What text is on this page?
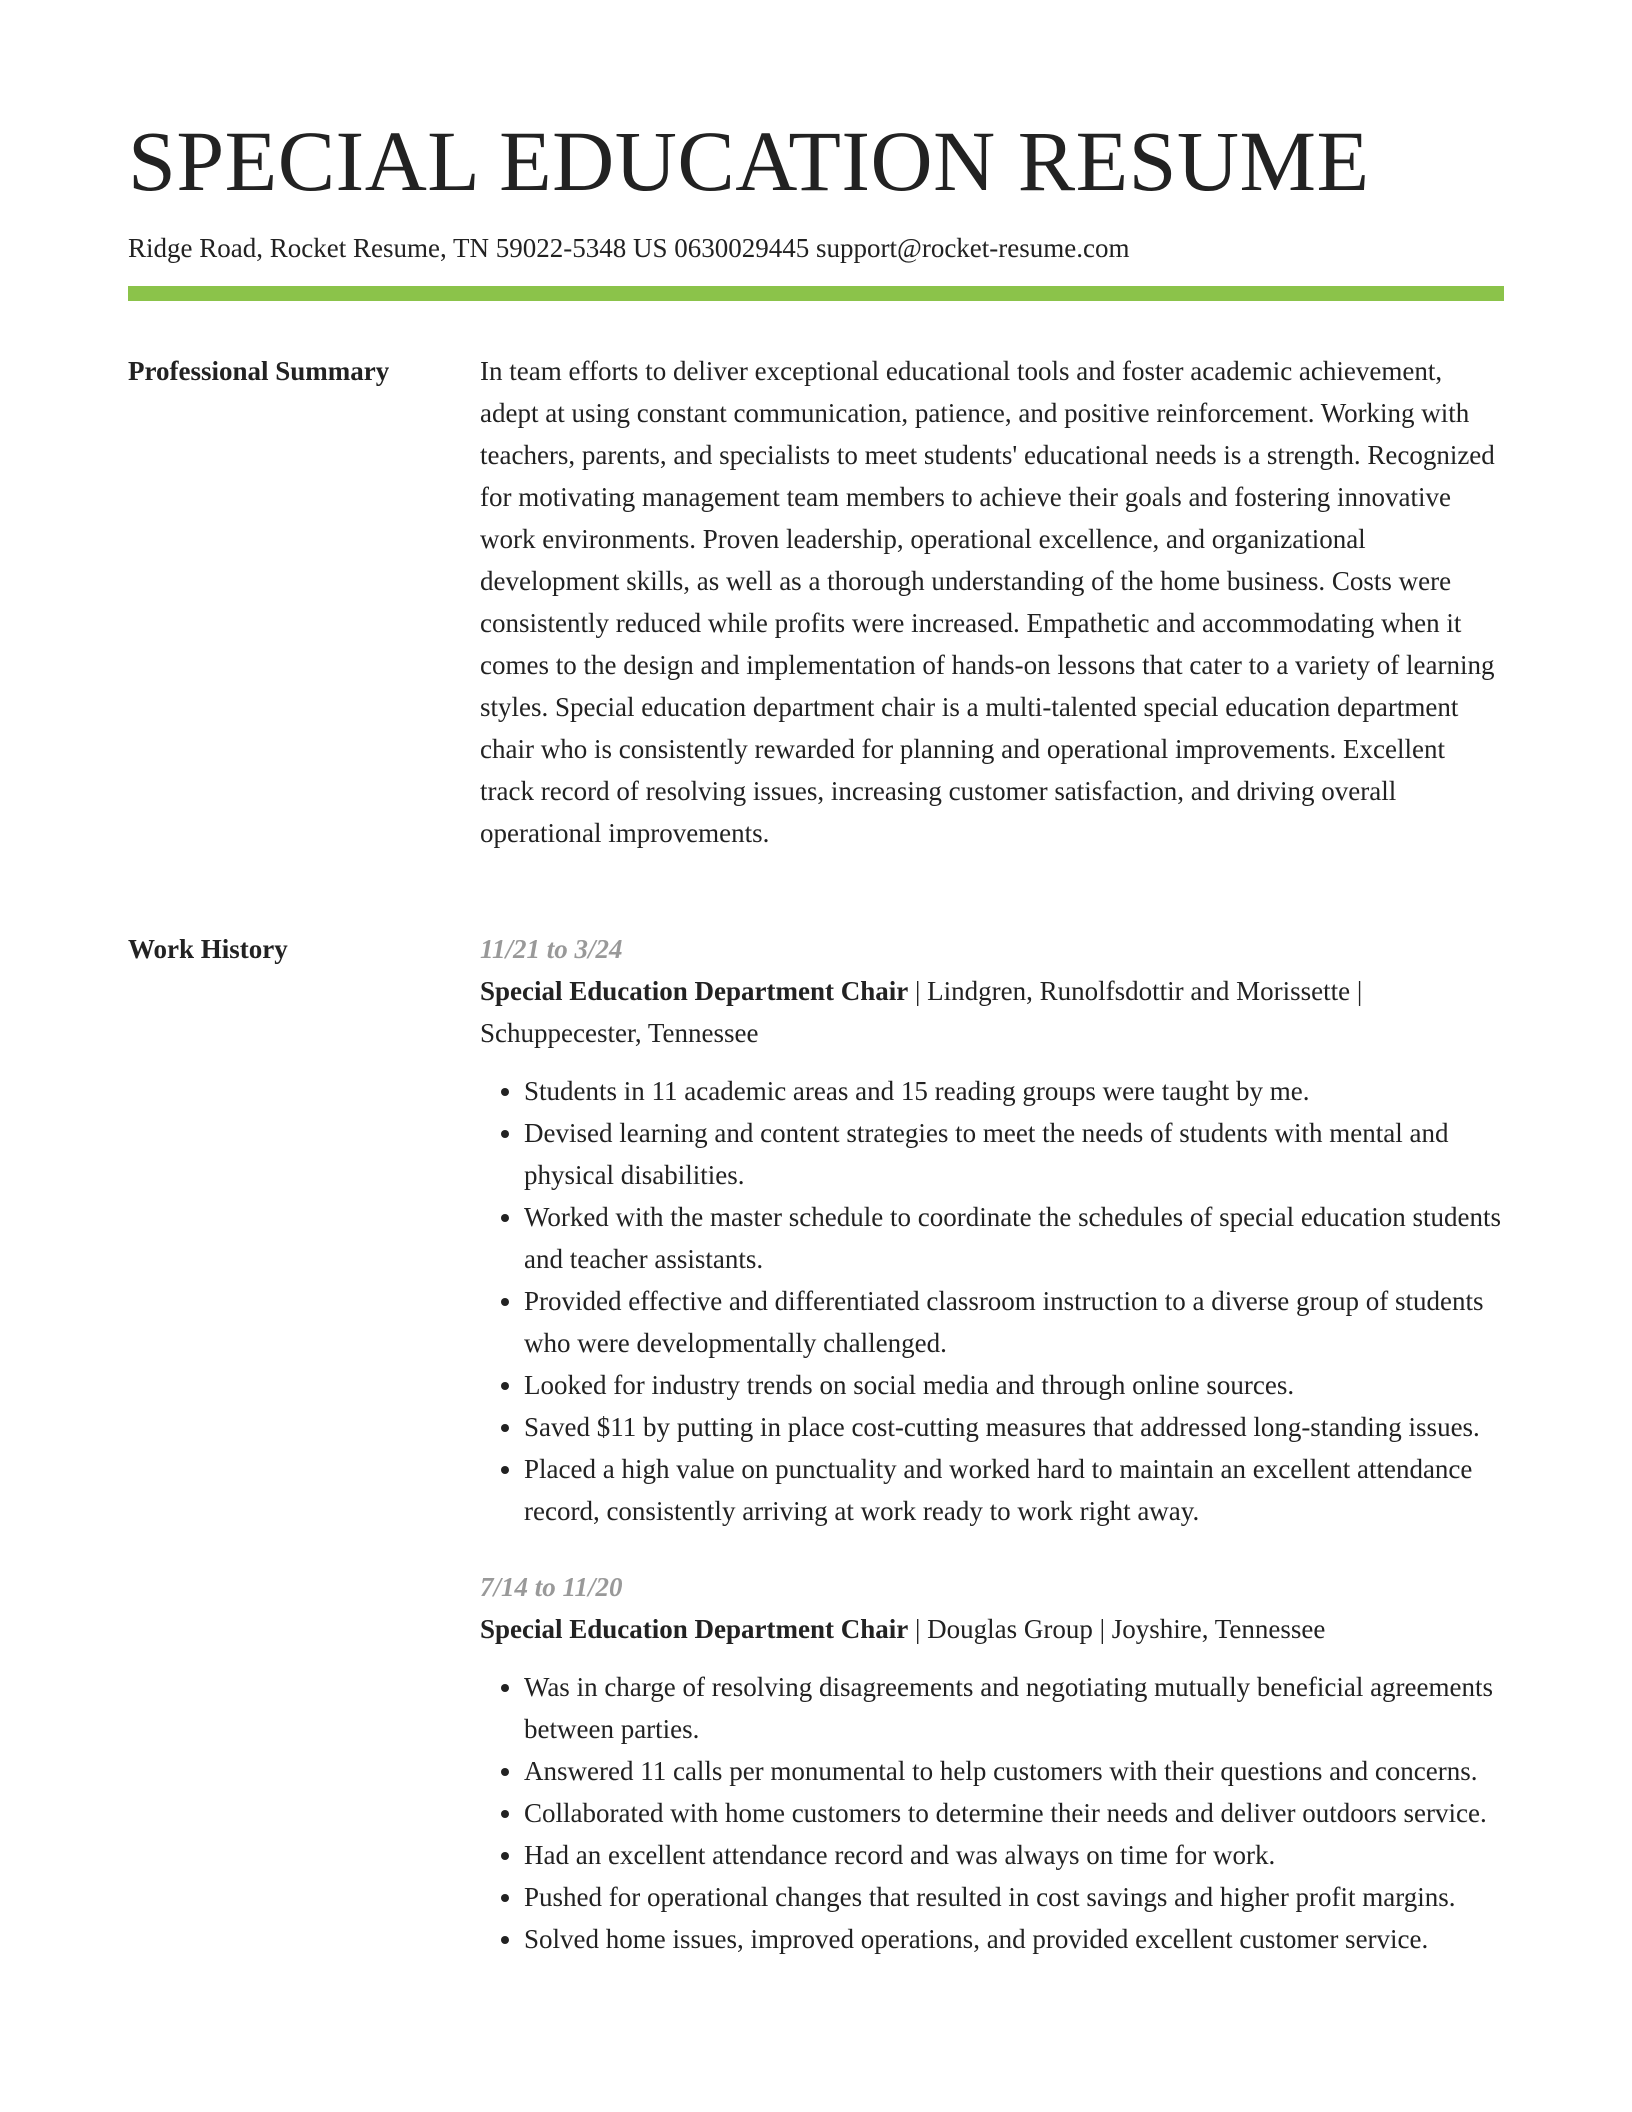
SPECIAL EDUCATION RESUME
Ridge Road, Rocket Resume, TN 59022-5348 US 0630029445 support@rocket-resume.com
Professional Summary	In team efforts to deliver exceptional educational tools and foster academic achievement, adept at using constant communication, patience, and positive reinforcement. Working with teachers, parents, and specialists to meet students' educational needs is a strength. Recognized for motivating management team members to achieve their goals and fostering innovative work environments. Proven leadership, operational excellence, and organizational development skills, as well as a thorough understanding of the home business. Costs were consistently reduced while profits were increased. Empathetic and accommodating when it comes to the design and implementation of hands-on lessons that cater to a variety of learning styles. Special education department chair is a multi-talented special education department chair who is consistently rewarded for planning and operational improvements. Excellent track record of resolving issues, increasing customer satisfaction, and driving overall operational improvements.

Work History	11/21 to 3/24
Special Education Department Chair | Lindgren, Runolfsdottir and Morissette | Schuppecester, Tennessee
• Students in 11 academic areas and 15 reading groups were taught by me.
• Devised learning and content strategies to meet the needs of students with mental and physical disabilities.
• Worked with the master schedule to coordinate the schedules of special education students and teacher assistants.
• Provided effective and differentiated classroom instruction to a diverse group of students who were developmentally challenged.
• Looked for industry trends on social media and through online sources.
• Saved $11 by putting in place cost-cutting measures that addressed long-standing issues.
• Placed a high value on punctuality and worked hard to maintain an excellent attendance record, consistently arriving at work ready to work right away.
7/14 to 11/20
Special Education Department Chair | Douglas Group | Joyshire, Tennessee
• Was in charge of resolving disagreements and negotiating mutually beneficial agreements between parties.
• Answered 11 calls per monumental to help customers with their questions and concerns.
• Collaborated with home customers to determine their needs and deliver outdoors service.
• Had an excellent attendance record and was always on time for work.
• Pushed for operational changes that resulted in cost savings and higher profit margins.
• Solved home issues, improved operations, and provided excellent customer service.
